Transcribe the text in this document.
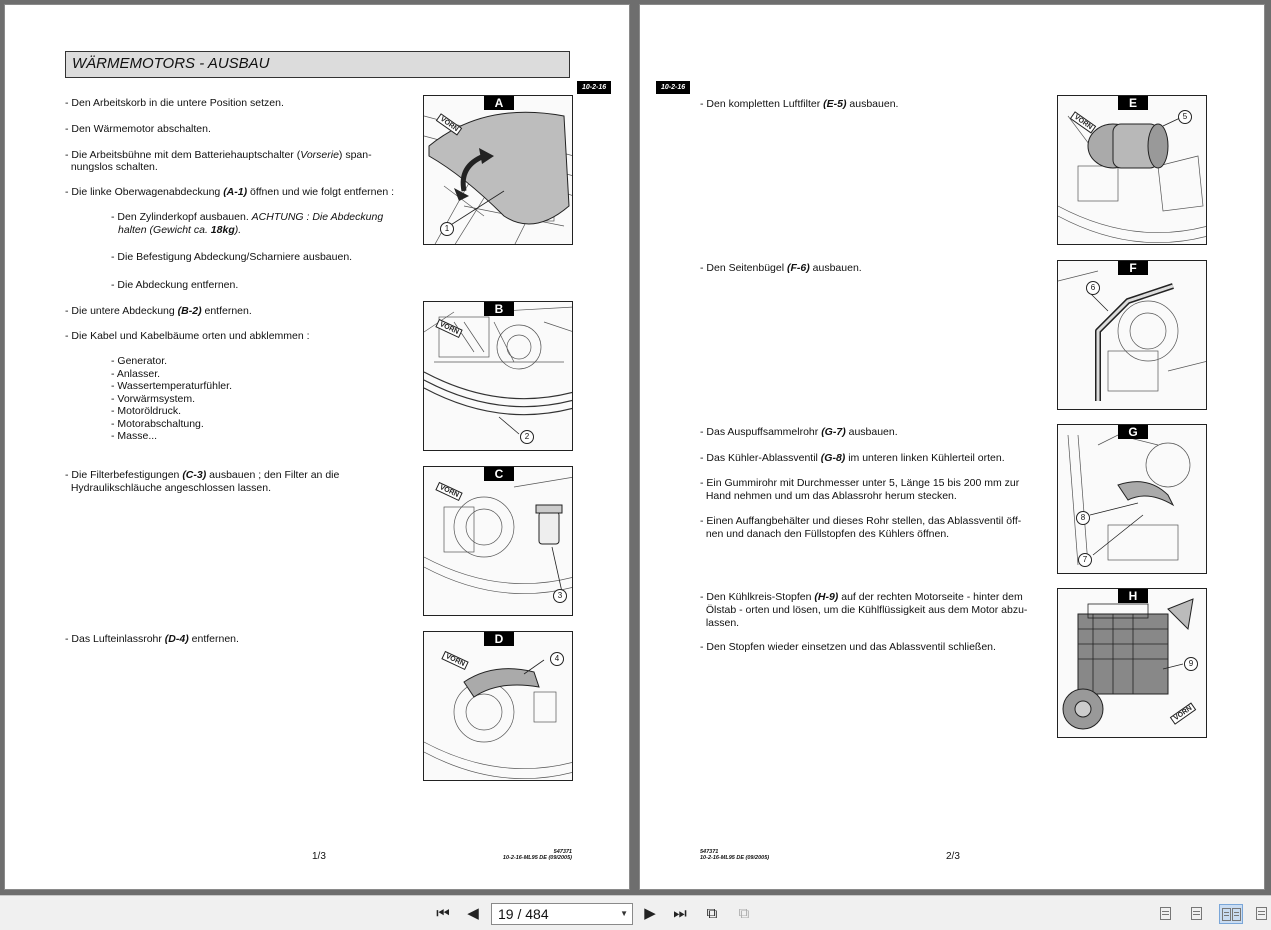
WÄRMEMOTORS - AUSBAU
10-2-16
- Den Arbeitskorb in die untere Position setzen.
- Den Wärmemotor abschalten.
- Die Arbeitsbühne mit dem Batteriehauptschalter (Vorserie) span-
nungslos schalten.
- Die linke Oberwagenabdeckung (A-1) öffnen und wie folgt entfernen :
- Den Zylinderkopf ausbauen. ACHTUNG : Die Abdeckung
halten (Gewicht ca. 18kg).
- Die Befestigung Abdeckung/Scharniere ausbauen.
- Die Abdeckung entfernen.
- Die untere Abdeckung (B-2) entfernen.
- Die Kabel und Kabelbäume orten und abklemmen :
- Generator.
- Anlasser.
- Wassertemperaturfühler.
- Vorwärmsystem.
- Motoröldruck.
- Motorabschaltung.
- Masse...
- Die Filterbefestigungen (C-3) ausbauen ; den Filter an die
Hydraulikschläuche angeschlossen lassen.
- Das Lufteinlassrohr (D-4) entfernen.
A
VORN
1
B
VORN
2
C
VORN
3
D
VORN	4
1/3	547371
10-2-16-ML95 DE (09/2005)
10-2-16
- Den kompletten Luftfilter (E-5) ausbauen.
- Den Seitenbügel (F-6) ausbauen.
- Das Auspuffsammelrohr (G-7) ausbauen.
- Das Kühler-Ablassventil (G-8) im unteren linken Kühlerteil orten.
- Ein Gummirohr mit Durchmesser unter 5, Länge 15 bis 200 mm zur
Hand nehmen und um das Ablassrohr herum stecken.
- Einen Auffangbehälter und dieses Rohr stellen, das Ablassventil öff-
nen und danach den Füllstopfen des Kühlers öffnen.
- Den Kühlkreis-Stopfen (H-9) auf der rechten Motorseite - hinter dem
Ölstab - orten und lösen, um die Kühlflüssigkeit aus dem Motor abzu-
lassen.
- Den Stopfen wieder einsetzen und das Ablassventil schließen.
E
VORN	5
F
6
G
8
7
H
VORN
9
547371
10-2-16-ML95 DE (09/2005)	2/3
⏮ ◀	19 / 484	▼ ▶ ⏭	⧉	⧉
